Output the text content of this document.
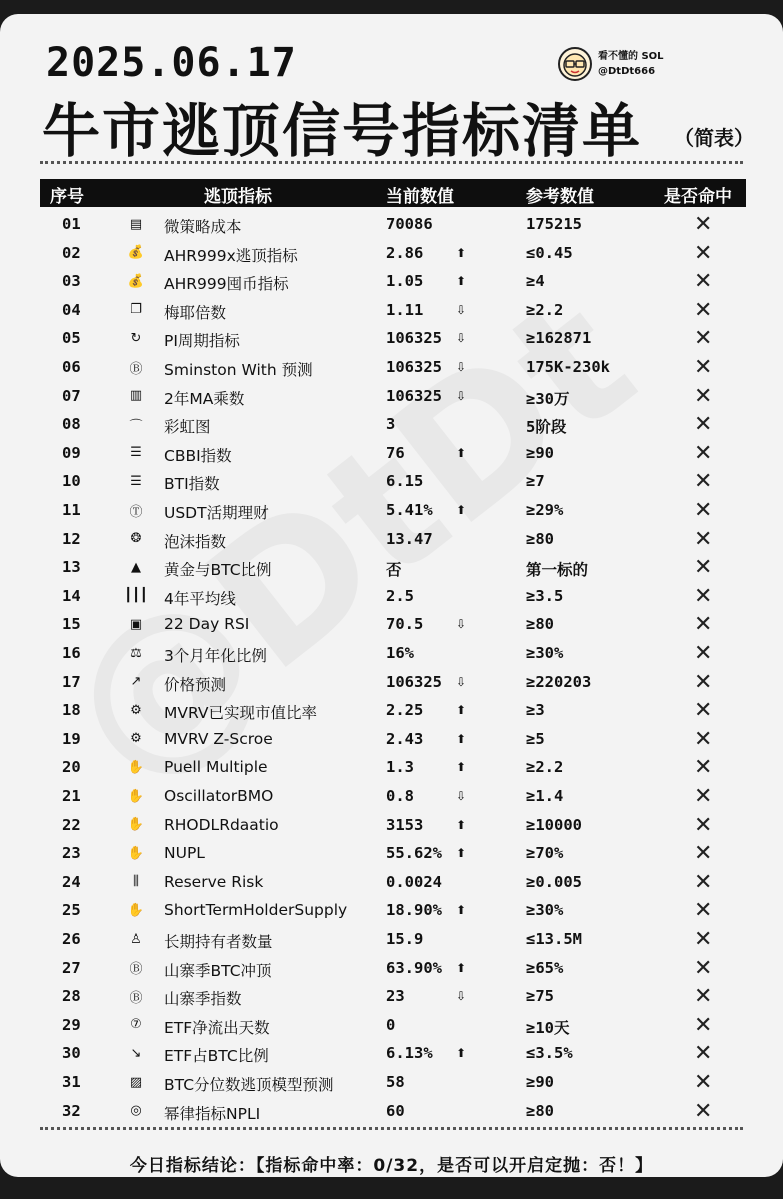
2025.06.17	看不懂的 SOL
@DtDt666
牛市逃顶信号指标清单 （简表）
序号	逃顶指标	当前数值	参考数值	是否命中
01	▤ 微策略成本	70086	175215	✕
02	💰 AHR999x逃顶指标	2.86	⬆	≤0.45	✕
03	💰 AHR999囤币指标	1.05	⬆	≥4	✕
04	❐ 梅耶倍数	1.11	⇩	≥2.2	✕
05	↻ PI周期指标	106325 ⇩	≥162871	✕
06	Ⓑ Sminston With 预测	106325 ⇩	175K-230k	✕
07	▥ 2年MA乘数	106325 ⇩	≥30万	✕
08	⌒ 彩虹图	3	5阶段	✕
09	☰ CBBI指数	76	⬆	≥90	✕
10	☰ BTI指数	6.15	≥7	✕
11	Ⓣ USDT活期理财	5.41% ⬆	≥29%	✕
12	❂ 泡沫指数	13.47	≥80	✕
13	▲	黄金与BTC比例	否	第一标的	✕
14	┃┃┃ 4年平均线	2.5	≥3.5	✕
15	▣ 22 Day RSI	70.5	⇩	≥80	✕
16	⚖ 3个月年化比例	16%	≥30%	✕
17	↗ 价格预测	106325 ⇩	≥220203	✕
18	⚙ MVRV已实现市值比率	2.25	⬆	≥3	✕
19	⚙ MVRV Z-Scroe	2.43	⬆	≥5	✕
20	✋ Puell Multiple	1.3	⬆	≥2.2	✕
21	✋ OscillatorBMO	0.8	⇩	≥1.4	✕
22	✋ RHODLRdaatio	3153	⬆	≥10000	✕
23	✋ NUPL	55.62% ⬆	≥70%	✕
24	⫼	Reserve Risk	0.0024	≥0.005	✕
25	✋ ShortTermHolderSupply	18.90% ⬆	≥30%	✕
26	♙ 长期持有者数量	15.9	≤13.5M	✕
27	Ⓑ 山寨季BTC冲顶	63.90% ⬆	≥65%	✕
28	Ⓑ 山寨季指数	23	⇩	≥75	✕
29	⑦ ETF净流出天数	0	≥10天	✕
30	↘ ETF占BTC比例	6.13% ⬆	≤3.5%	✕
31	▨ BTC分位数逃顶模型预测	58	≥90	✕
32	◎ 幂律指标NPLI	60	≥80	✕
今日指标结论：【指标命中率：0/32，是否可以开启定抛：否！】
